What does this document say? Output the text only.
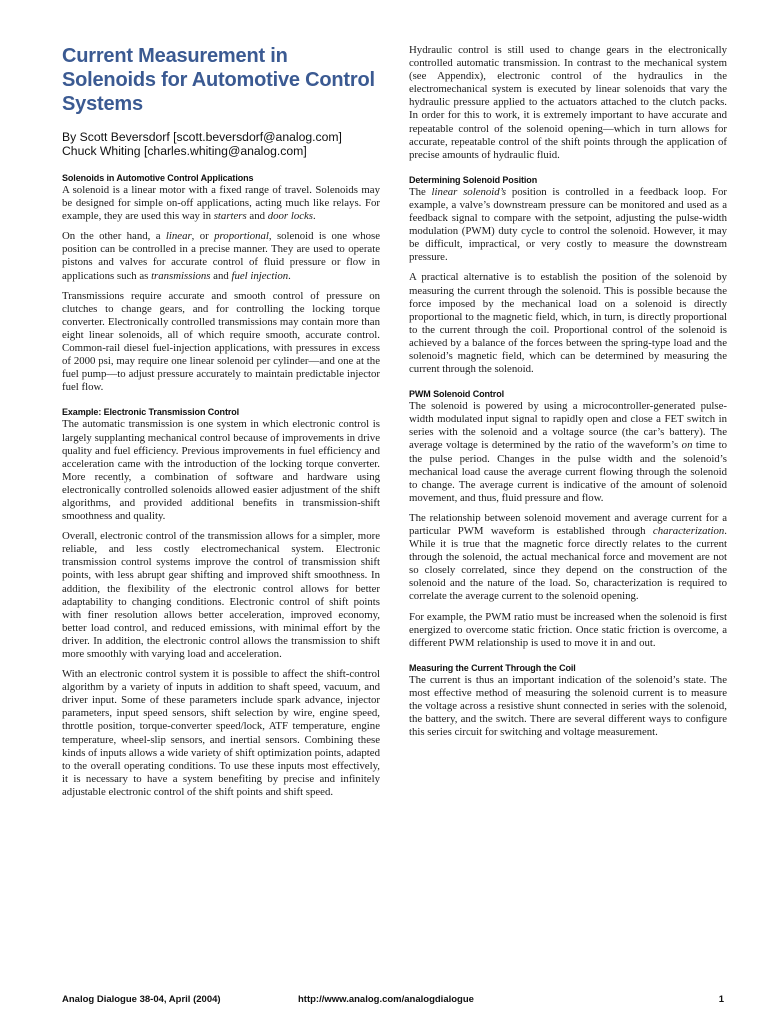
Current Measurement in Solenoids for Automotive Control Systems
By Scott Beversdorf [scott.beversdorf@analog.com]
Chuck Whiting [charles.whiting@analog.com]
Solenoids in Automotive Control Applications

A solenoid is a linear motor with a fixed range of travel. Solenoids may be designed for simple on-off applications, acting much like relays. For example, they are used this way in starters and door locks.

On the other hand, a linear, or proportional, solenoid is one whose position can be controlled in a precise manner. They are used to operate pistons and valves for accurate control of fluid pressure or flow in applications such as transmissions and fuel injection.

Transmissions require accurate and smooth control of pressure on clutches to change gears, and for controlling the locking torque converter. Electronically controlled transmissions may contain more than eight linear solenoids, all of which require smooth, accurate control. Common-rail diesel fuel-injection applications, with pressures in excess of 2000 psi, may require one linear solenoid per cylinder—and one at the fuel pump—to adjust pressure accurately to maintain predictable injector fuel flow.

Example: Electronic Transmission Control

The automatic transmission is one system in which electronic control is largely supplanting mechanical control because of improvements in drive quality and fuel efficiency. Previous improvements in fuel efficiency and acceleration came with the introduction of the locking torque converter. More recently, a combination of software and hardware using electronically controlled solenoids allowed easier adjustment of the shift algorithms, and provided additional benefits in transmission-shift smoothness and quality.

Overall, electronic control of the transmission allows for a simpler, more reliable, and less costly electromechanical system. Electronic transmission control systems improve the control of transmission shift points, with less abrupt gear shifting and improved shift smoothness. In addition, the flexibility of the electronic control allows for better adaptability to changing conditions. Electronic control of shift points with finer resolution allows better acceleration, improved economy, better load control, and reduced emissions, with minimal effort by the driver. In addition, the electronic control allows the transmission to shift more smoothly with varying load and acceleration.

With an electronic control system it is possible to affect the shift-control algorithm by a variety of inputs in addition to shaft speed, vacuum, and driver input. Some of these parameters include spark advance, injector parameters, input speed sensors, shift selection by wire, engine speed, throttle position, torque-converter speed/lock, ATF temperature, engine temperature, wheel-slip sensors, and inertial sensors. Combining these kinds of inputs allows a wide variety of shift optimization points, adapted to the overall operating conditions. To use these inputs most effectively, it is necessary to have a system benefiting by precise and infinitely adjustable electronic control of the shift points and shift speed.

Hydraulic control is still used to change gears in the electronically controlled automatic transmission. In contrast to the mechanical system (see Appendix), electronic control of the hydraulics in the electromechanical system is executed by linear solenoids that vary the hydraulic pressure applied to the actuators attached to the clutch packs. In order for this to work, it is extremely important to have accurate and repeatable control of the solenoid opening—which in turn allows for accurate, repeatable control of the shift points through the application of precise amounts of hydraulic fluid.

Determining Solenoid Position

The linear solenoid’s position is controlled in a feedback loop. For example, a valve’s downstream pressure can be monitored and used as a feedback signal to compare with the setpoint, adjusting the pulse-width modulation (PWM) duty cycle to control the solenoid. However, it may be difficult, impractical, or very costly to measure the downstream pressure.

A practical alternative is to establish the position of the solenoid by measuring the current through the solenoid. This is possible because the force imposed by the mechanical load on a solenoid is directly proportional to the magnetic field, which, in turn, is directly proportional to the current through the coil. Proportional control of the solenoid is achieved by a balance of the forces between the spring-type load and the solenoid’s magnetic field, which can be determined by measuring the current through the solenoid.

PWM Solenoid Control

The solenoid is powered by using a microcontroller-generated pulse-width modulated input signal to rapidly open and close a FET switch in series with the solenoid and a voltage source (the car’s battery). The average voltage is determined by the ratio of the waveform’s on time to the pulse period. Changes in the pulse width and the solenoid’s mechanical load cause the average current flowing through the solenoid to change. The average current is indicative of the amount of solenoid movement, and thus, fluid pressure and flow.

The relationship between solenoid movement and average current for a particular PWM waveform is established through characterization. While it is true that the magnetic force directly relates to the current through the solenoid, the actual mechanical force and movement are not so closely correlated, since they depend on the construction of the solenoid and the nature of the load. So, characterization is required to correlate the average current to the solenoid opening.

For example, the PWM ratio must be increased when the solenoid is first energized to overcome static friction. Once static friction is overcome, a different PWM relationship is used to move it in and out.

Measuring the Current Through the Coil

The current is thus an important indication of the solenoid’s state. The most effective method of measuring the solenoid current is to measure the voltage across a resistive shunt connected in series with the solenoid, the battery, and the switch. There are several different ways to configure this series circuit for switching and voltage measurement.

Analog Dialogue 38-04, April (2004)	http://www.analog.com/analogdialogue	1
